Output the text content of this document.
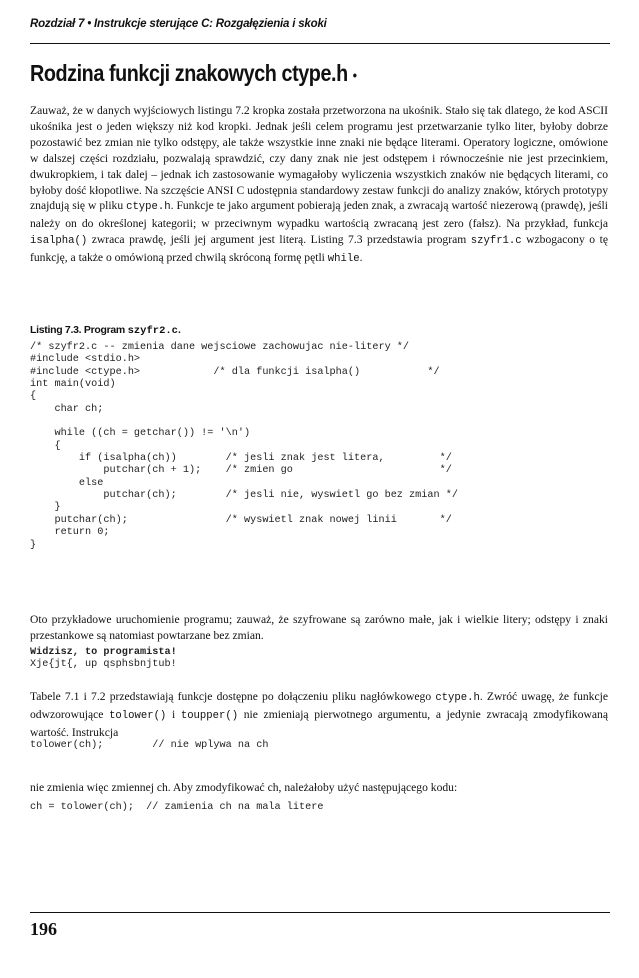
Rozdział 7 • Instrukcje sterujące C: Rozgałęzienia i skoki
Rodzina funkcji znakowych ctype.h •

Zauważ, że w danych wyjściowych listingu 7.2 kropka została przetworzona na ukośnik. Stało się tak dlatego, że kod ASCII ukośnika jest o jeden większy niż kod kropki. Jednak jeśli celem programu jest przetwarzanie tylko liter, byłoby dobrze pozostawić bez zmian nie tylko odstępy, ale także wszystkie inne znaki nie będące literami. Operatory logiczne, omówione w dalszej części rozdziału, pozwalają sprawdzić, czy dany znak nie jest odstępem i równocześnie nie jest przecinkiem, dwukropkiem, i tak dalej – jednak ich zastosowanie wymagałoby wyliczenia wszystkich znaków nie będących literami, co byłoby dość kłopotliwe. Na szczęście ANSI C udostępnia standardowy zestaw funkcji do analizy znaków, których prototypy znajdują się w pliku ctype.h. Funkcje te jako argument pobierają jeden znak, a zwracają wartość niezerową (prawdę), jeśli należy on do określonej kategorii; w przeciwnym wypadku wartością zwracaną jest zero (fałsz). Na przykład, funkcja isalpha() zwraca prawdę, jeśli jej argument jest literą. Listing 7.3 przedstawia program szyfr1.c wzbogacony o tę funkcję, a także o omówioną przed chwilą skróconą formę pętli while.

Listing 7.3. Program szyfr2.c.
/* szyfr2.c -- zmienia dane wejsciowe zachowujac nie-litery */
#include <stdio.h>
#include <ctype.h>            /* dla funkcji isalpha()           */
int main(void)
{
char ch;

while ((ch = getchar()) != '\n')
{
if (isalpha(ch))        /* jesli znak jest litera,         */
putchar(ch + 1);    /* zmien go                        */
else
putchar(ch);        /* jesli nie, wyswietl go bez zmian */
}
putchar(ch);                /* wyswietl znak nowej linii       */
return 0;
}

Oto przykładowe uruchomienie programu; zauważ, że szyfrowane są zarówno małe, jak i wielkie litery; odstępy i znaki przestankowe są natomiast powtarzane bez zmian.

Widzisz, to programista!
Xje{jt{, up qsphsbnjtub!

Tabele 7.1 i 7.2 przedstawiają funkcje dostępne po dołączeniu pliku nagłówkowego ctype.h. Zwróć uwagę, że funkcje odwzorowujące tolower() i toupper() nie zmieniają pierwotnego argumentu, a jedynie zwracają zmodyfikowaną wartość. Instrukcja

tolower(ch);        // nie wplywa na ch

nie zmienia więc zmiennej ch. Aby zmodyfikować ch, należałoby użyć następującego kodu:

ch = tolower(ch);  // zamienia ch na mala litere
196
